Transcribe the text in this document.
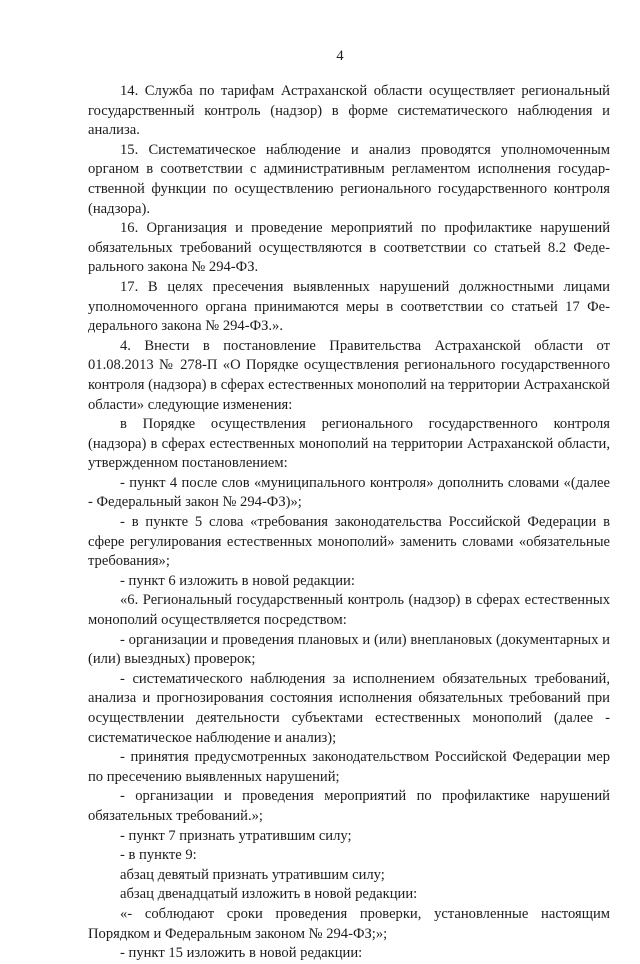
4

14. Служба по тарифам Астраханской области осуществляет региональный государственный контроль (надзор) в форме систематического наблюдения и анализа.

15. Систематическое наблюдение и анализ проводятся уполномоченным органом в соответствии с административным регламентом исполнения государственной функции по осуществлению регионального государственного контроля (надзора).

16. Организация и проведение мероприятий по профилактике нарушений обязательных требований осуществляются в соответствии со статьей 8.2 Федерального закона № 294-ФЗ.

17. В целях пресечения выявленных нарушений должностными лицами уполномоченного органа принимаются меры в соответствии со статьей 17 Федерального закона № 294-ФЗ.».

4. Внести в постановление Правительства Астраханской области от 01.08.2013 № 278-П «О Порядке осуществления регионального государственного контроля (надзора) в сферах естественных монополий на территории Астраханской области» следующие изменения:

в Порядке осуществления регионального государственного контроля (надзора) в сферах естественных монополий на территории Астраханской области, утвержденном постановлением:

- пункт 4 после слов «муниципального контроля» дополнить словами «(далее - Федеральный закон № 294-ФЗ)»;

- в пункте 5 слова «требования законодательства Российской Федерации в сфере регулирования естественных монополий» заменить словами «обязательные требования»;

- пункт 6 изложить в новой редакции:

«6. Региональный государственный контроль (надзор) в сферах естественных монополий осуществляется посредством:

- организации и проведения плановых и (или) внеплановых (документарных и (или) выездных) проверок;

- систематического наблюдения за исполнением обязательных требований, анализа и прогнозирования состояния исполнения обязательных требований при осуществлении деятельности субъектами естественных монополий (далее - систематическое наблюдение и анализ);

- принятия предусмотренных законодательством Российской Федерации мер по пресечению выявленных нарушений;

- организации и проведения мероприятий по профилактике нарушений обязательных требований.»;

- пункт 7 признать утратившим силу;

- в пункте 9:

абзац девятый признать утратившим силу;

абзац двенадцатый изложить в новой редакции:

«- соблюдают сроки проведения проверки, установленные настоящим Порядком и Федеральным законом № 294-ФЗ;»;

- пункт 15 изложить в новой редакции:
